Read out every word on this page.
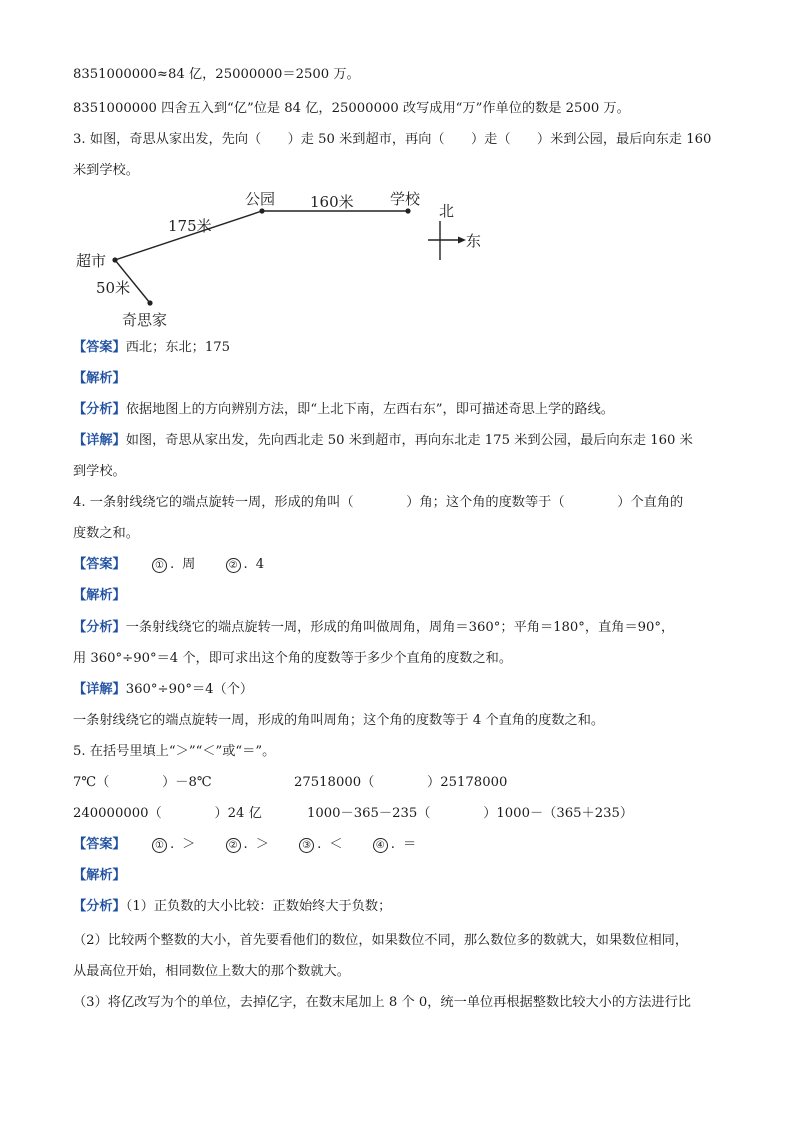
8351000000≈84 亿，25000000＝2500 万。
8351000000 四舍五入到“亿”位是 84 亿，25000000 改写成用“万”作单位的数是 2500 万。
3. 如图，奇思从家出发，先向（　　）走 50 米到超市，再向（　　）走（　　）米到公园，最后向东走 160
米到学校。
公园	学校
160米
175米
超市
50米
奇思家
北
东
【答案】西北；东北；175
【解析】
【分析】依据地图上的方向辨别方法，即“上北下南，左西右东”，即可描述奇思上学的路线。
【详解】如图，奇思从家出发，先向西北走 50 米到超市，再向东北走 175 米到公园，最后向东走 160 米
到学校。
4. 一条射线绕它的端点旋转一周，形成的角叫（　　　　）角；这个角的度数等于（　　　　）个直角的
度数之和。
【答案】	① . 周	② . 4
【解析】
【分析】一条射线绕它的端点旋转一周，形成的角叫做周角，周角＝360°；平角＝180°，直角＝90°，
用 360°÷90°＝4 个，即可求出这个角的度数等于多少个直角的度数之和。
【详解】360°÷90°＝4（个）
一条射线绕它的端点旋转一周，形成的角叫周角；这个角的度数等于 4 个直角的度数之和。
5. 在括号里填上“＞”“＜”或“＝”。
7℃（　　　　）－8℃	27518000（　　　　）25178000
240000000（　　　　）24 亿	1000－365－235（　　　　）1000－（365＋235）
【答案】	① . ＞	② . ＞	③ . ＜	④ . ＝
【解析】
【分析】（1）正负数的大小比较：正数始终大于负数；
（2）比较两个整数的大小，首先要看他们的数位，如果数位不同，那么数位多的数就大，如果数位相同，
从最高位开始，相同数位上数大的那个数就大。
（3）将亿改写为个的单位，去掉亿字，在数末尾加上 8 个 0，统一单位再根据整数比较大小的方法进行比
